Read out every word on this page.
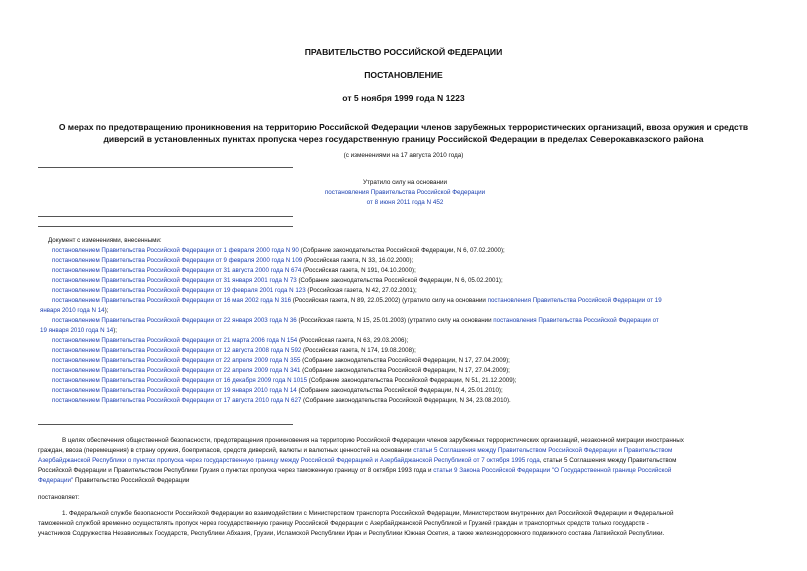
ПРАВИТЕЛЬСТВО РОССИЙСКОЙ ФЕДЕРАЦИИ
ПОСТАНОВЛЕНИЕ
от 5 ноября 1999 года N 1223
О мерах по предотвращению проникновения на территорию Российской Федерации членов зарубежных террористических организаций, ввоза оружия и средств
диверсий в установленных пунктах пропуска через государственную границу Российской Федерации в пределах Северокавказского района
(с изменениями на 17 августа 2010 года)
Утратило силу на основании
постановления Правительства Российской Федерации
от 8 июня 2011 года N 452
Документ с изменениями, внесенными:
постановлением Правительства Российской Федерации от 1 февраля 2000 года N 90 (Собрание законодательства Российской Федерации, N 6, 07.02.2000);
постановлением Правительства Российской Федерации от 9 февраля 2000 года N 109 (Российская газета, N 33, 16.02.2000);
постановлением Правительства Российской Федерации от 31 августа 2000 года N 674 (Российская газета, N 191, 04.10.2000);
постановлением Правительства Российской Федерации от 31 января 2001 года N 73 (Собрание законодательства Российской Федерации, N 6, 05.02.2001);
постановлением Правительства Российской Федерации от 19 февраля 2001 года N 123 (Российская газета, N 42, 27.02.2001);
постановлением Правительства Российской Федерации от 16 мая 2002 года N 316 (Российская газета, N 89, 22.05.2002) (утратило силу на основании постановления Правительства Российской Федерации от 19
января 2010 года N 14);
постановлением Правительства Российской Федерации от 22 января 2003 года N 36 (Российская газета, N 15, 25.01.2003) (утратило силу на основании постановления Правительства Российской Федерации от
19 января 2010 года N 14);
постановлением Правительства Российской Федерации от 21 марта 2006 года N 154 (Российская газета, N 63, 29.03.2006);
постановлением Правительства Российской Федерации от 12 августа 2008 года N 592 (Российская газета, N 174, 19.08.2008);
постановлением Правительства Российской Федерации от 22 апреля 2009 года N 355 (Собрание законодательства Российской Федерации, N 17, 27.04.2009);
постановлением Правительства Российской Федерации от 22 апреля 2009 года N 341 (Собрание законодательства Российской Федерации, N 17, 27.04.2009);
постановлением Правительства Российской Федерации от 16 декабря 2009 года N 1015 (Собрание законодательства Российской Федерации, N 51, 21.12.2009);
постановлением Правительства Российской Федерации от 19 января 2010 года N 14 (Собрание законодательства Российской Федерации, N 4, 25.01.2010);
постановлением Правительства Российской Федерации от 17 августа 2010 года N 627 (Собрание законодательства Российской Федерации, N 34, 23.08.2010).
В целях обеспечения общественной безопасности, предотвращения проникновения на территорию Российской Федерации членов зарубежных террористических организаций, незаконной миграции иностранных
граждан, ввоза (перемещения) в страну оружия, боеприпасов, средств диверсий, валюты и валютных ценностей на основании статьи 5 Соглашения между Правительством Российской Федерации и Правительством
Азербайджанской Республики о пунктах пропуска через государственную границу между Российской Федерацией и Азербайджанской Республикой от 7 октября 1995 года, статьи 5 Соглашения между Правительством
Российской Федерации и Правительством Республики Грузия о пунктах пропуска через таможенную границу от 8 октября 1993 года и статьи 9 Закона Российской Федерации "О Государственной границе Российской
Федерации" Правительство Российской Федерации
постановляет:
1. Федеральной службе безопасности Российской Федерации во взаимодействии с Министерством транспорта Российской Федерации, Министерством внутренних дел Российской Федерации и Федеральной
таможенной службой временно осуществлять пропуск через государственную границу Российской Федерации с Азербайджанской Республикой и Грузией граждан и транспортных средств только государств -
участников Содружества Независимых Государств, Республики Абхазия, Грузии, Исламской Республики Иран и Республики Южная Осетия, а также железнодорожного подвижного состава Латвийской Республики.
